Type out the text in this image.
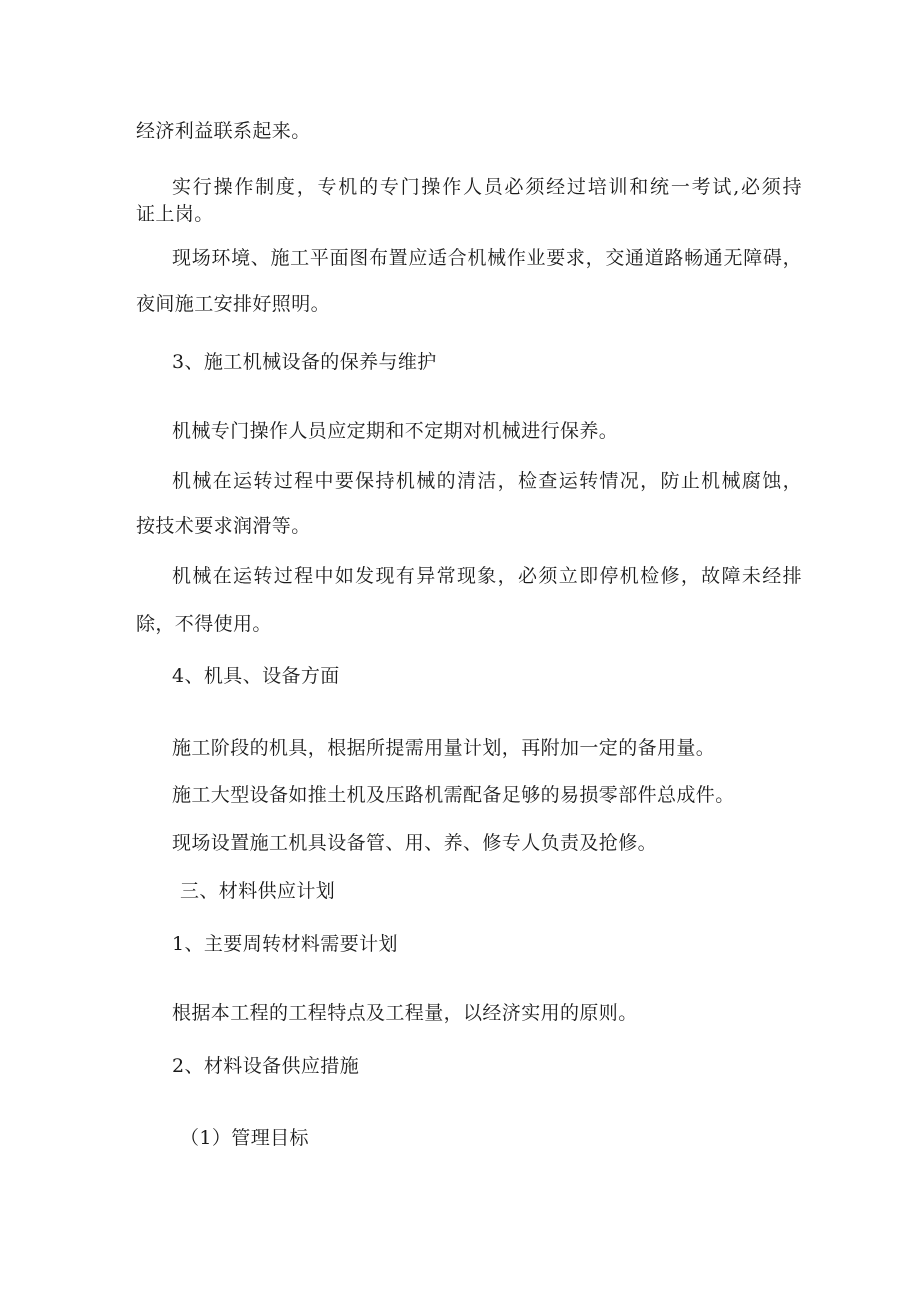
经济利益联系起来。
实行操作制度，专机的专门操作人员必须经过培训和统一考试,必须持
证上岗。
现场环境、施工平面图布置应适合机械作业要求，交通道路畅通无障碍，
夜间施工安排好照明。
3、施工机械设备的保养与维护
机械专门操作人员应定期和不定期对机械进行保养。
机械在运转过程中要保持机械的清洁，检查运转情况，防止机械腐蚀，
按技术要求润滑等。
机械在运转过程中如发现有异常现象，必须立即停机检修，故障未经排
除，不得使用。
4、机具、设备方面
施工阶段的机具，根据所提需用量计划，再附加一定的备用量。
施工大型设备如推土机及压路机需配备足够的易损零部件总成件。
现场设置施工机具设备管、用、养、修专人负责及抢修。
三、材料供应计划
1、主要周转材料需要计划
根据本工程的工程特点及工程量，以经济实用的原则。
2、材料设备供应措施
（1）管理目标
